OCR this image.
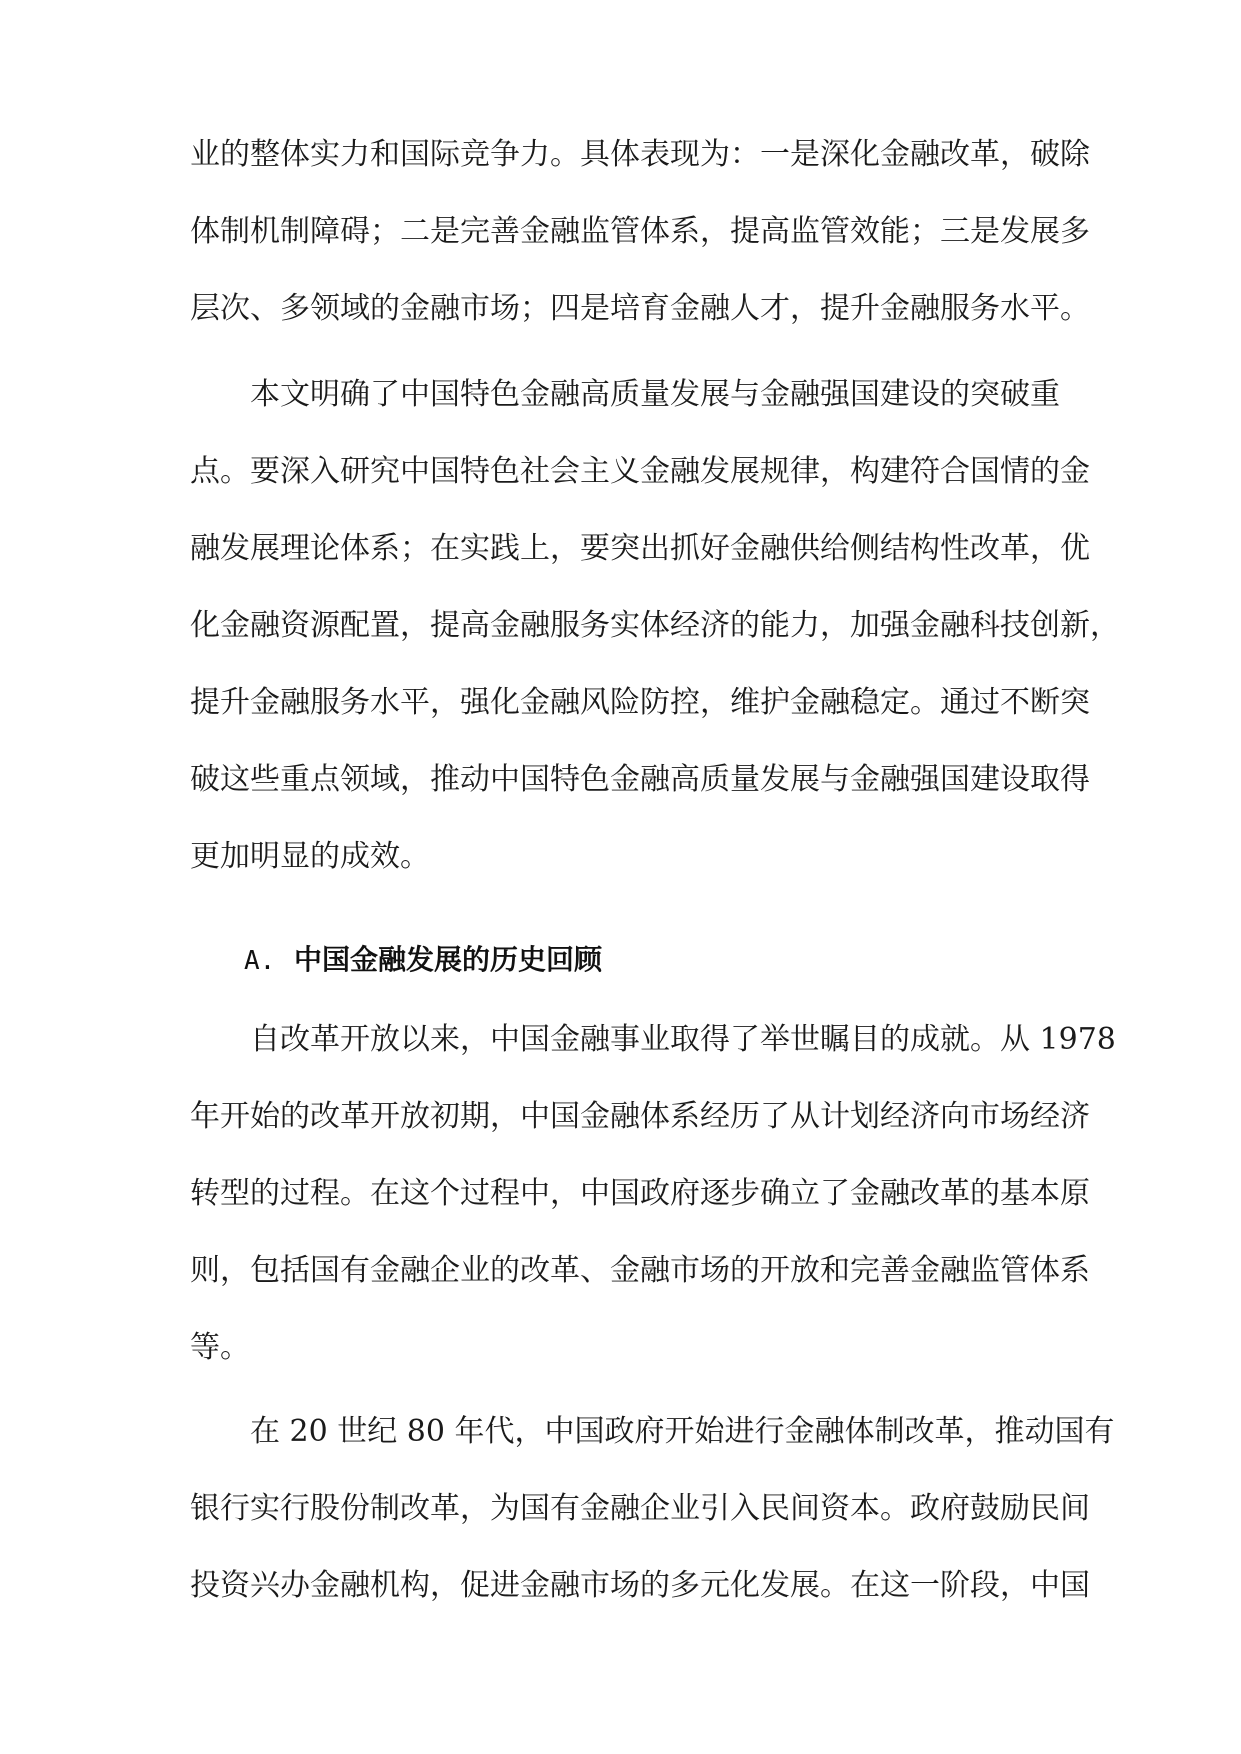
业的整体实力和国际竞争力。具体表现为：一是深化金融改革，破除
体制机制障碍；二是完善金融监管体系，提高监管效能；三是发展多
层次、多领域的金融市场；四是培育金融人才，提升金融服务水平。
本文明确了中国特色金融高质量发展与金融强国建设的突破重
点。要深入研究中国特色社会主义金融发展规律，构建符合国情的金
融发展理论体系；在实践上，要突出抓好金融供给侧结构性改革，优
化金融资源配置，提高金融服务实体经济的能力，加强金融科技创新，
提升金融服务水平，强化金融风险防控，维护金融稳定。通过不断突
破这些重点领域，推动中国特色金融高质量发展与金融强国建设取得
更加明显的成效。
A. 中国金融发展的历史回顾
自改革开放以来，中国金融事业取得了举世瞩目的成就。从 1978
年开始的改革开放初期，中国金融体系经历了从计划经济向市场经济
转型的过程。在这个过程中，中国政府逐步确立了金融改革的基本原
则，包括国有金融企业的改革、金融市场的开放和完善金融监管体系
等。
在 20 世纪 80 年代，中国政府开始进行金融体制改革，推动国有
银行实行股份制改革，为国有金融企业引入民间资本。政府鼓励民间
投资兴办金融机构，促进金融市场的多元化发展。在这一阶段，中国
